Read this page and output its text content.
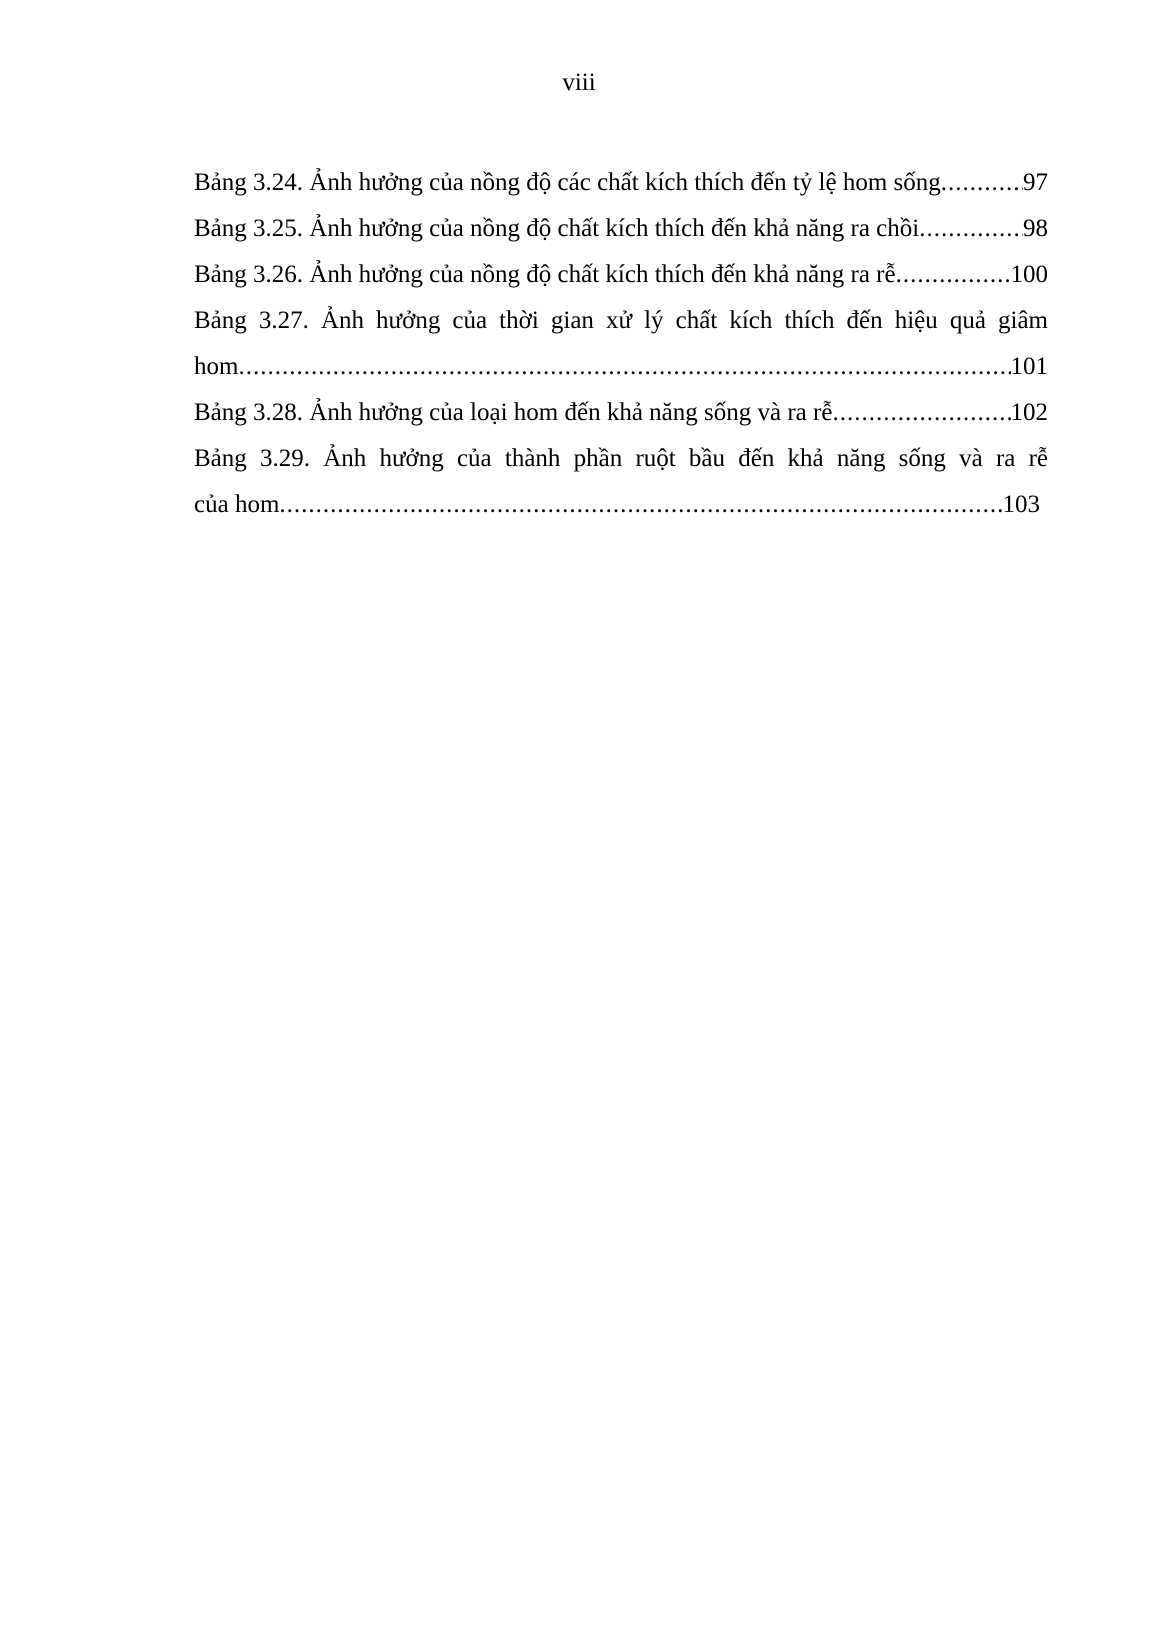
viii
Bảng 3.24. Ảnh hưởng của nồng độ các chất kích thích đến tỷ lệ hom sống .....	97
Bảng 3.25. Ảnh hưởng của nồng độ chất kích thích đến khả năng ra chồi .....	98
Bảng 3.26. Ảnh hưởng của nồng độ chất kích thích đến khả năng ra rễ .....	100
Bảng 3.27. Ảnh hưởng của thời gian xử lý chất kích thích đến hiệu quả giâm
hom .....	101
Bảng 3.28. Ảnh hưởng của loại hom đến khả năng sống và ra rễ .....	102
Bảng 3.29. Ảnh hưởng của thành phần ruột bầu đến khả năng sống và ra rễ
của hom .....	103
